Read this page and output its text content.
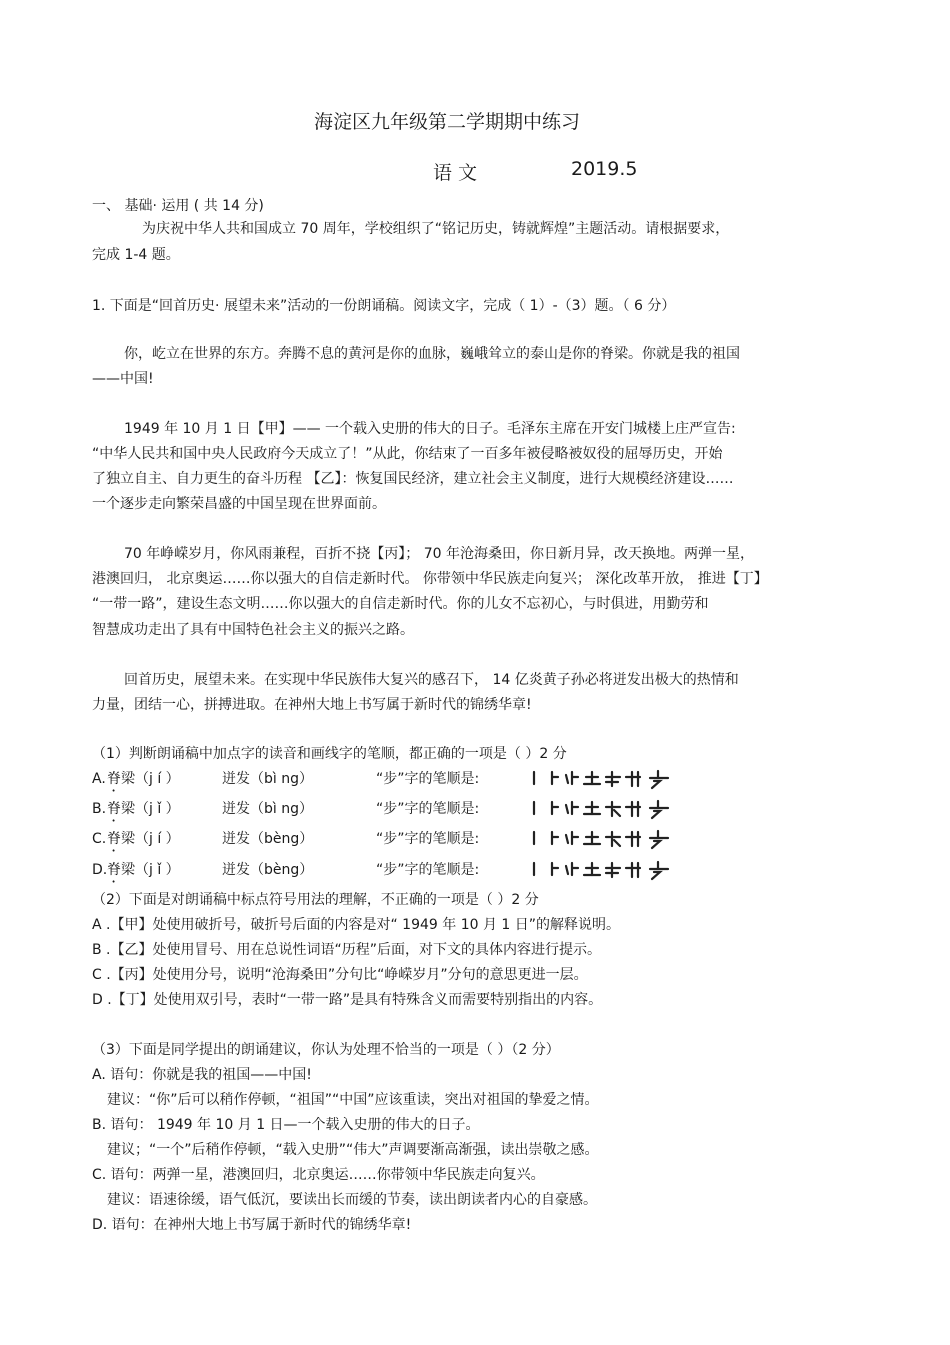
海淀区九年级第二学期期中练习
语 文	2019.5
一、 基础· 运用 ( 共 14 分)
为庆祝中华人共和国成立 70 周年，学校组织了“铭记历史，铸就辉煌”主题活动。请根据要求，
完成 1-4 题。
1. 下面是“回首历史· 展望未来”活动的一份朗诵稿。阅读文字，完成（ 1）-（3）题。（ 6 分）
你，屹立在世界的东方。奔腾不息的黄河是你的血脉，巍峨耸立的泰山是你的脊梁。你就是我的祖国
——中国!
1949 年 10 月 1 日【甲】—— 一个载入史册的伟大的日子。毛泽东主席在开安门城楼上庄严宣告:
“中华人民共和国中央人民政府今天成立了！”从此，你结束了一百多年被侵略被奴役的屈辱历史，开始
了独立自主、自力更生的奋斗历程 【乙】：恢复国民经济，建立社会主义制度，进行大规模经济建设……
一个逐步走向繁荣昌盛的中国呈现在世界面前。
70 年峥嵘岁月，你风雨兼程，百折不挠【丙】； 70 年沧海桑田，你日新月异，改天换地。两弹一星，
港澳回归， 北京奥运……你以强大的自信走新时代。 你带领中华民族走向复兴； 深化改革开放， 推进【丁】
“一带一路”，建设生态文明……你以强大的自信走新时代。你的儿女不忘初心，与时俱进，用勤劳和
智慧成功走出了具有中国特色社会主义的振兴之路。
回首历史，展望未来。在实现中华民族伟大复兴的感召下， 14 亿炎黄子孙必将迸发出极大的热情和
力量，团结一心，拼搏进取。在神州大地上书写属于新时代的锦绣华章!
（1）判断朗诵稿中加点字的读音和画线字的笔顺，都正确的一项是（ ）2 分
A. 脊 梁（j í ）	迸发（bì ng）	“步”字的笔顺是:
B. 脊 梁（j ǐ ）	迸发（bì ng）	“步”字的笔顺是:
C. 脊 梁（j í ）	迸发（bèng）	“步”字的笔顺是:
D. 脊 梁（j ǐ ）	迸发（bèng）	“步”字的笔顺是:
（2）下面是对朗诵稿中标点符号用法的理解，不正确的一项是（ ）2 分
A .【甲】处使用破折号，破折号后面的内容是对“ 1949 年 10 月 1 日”的解释说明。
B .【乙】处使用冒号、用在总说性词语“历程”后面，对下文的具体内容进行提示。
C .【丙】处使用分号，说明“沧海桑田”分句比“峥嵘岁月”分句的意思更进一层。
D .【丁】处使用双引号，表时“一带一路”是具有特殊含义而需要特别指出的内容。
（3）下面是同学提出的朗诵建议，你认为处理不恰当的一项是（ ）（2 分）
A. 语句：你就是我的祖国——中国!
建议：“你”后可以稍作停顿，“祖国”“中国”应该重读，突出对祖国的挚爱之情。
B. 语句： 1949 年 10 月 1 日—一个载入史册的伟大的日子。
建议；“一个”后稍作停顿，“载入史册”“伟大”声调要渐高渐强，读出崇敬之感。
C. 语句：两弹一星，港澳回归，北京奥运……你带领中华民族走向复兴。
建议：语速徐缓，语气低沉，要读出长而缓的节奏，读出朗读者内心的自豪感。
D. 语句：在神州大地上书写属于新时代的锦绣华章!
